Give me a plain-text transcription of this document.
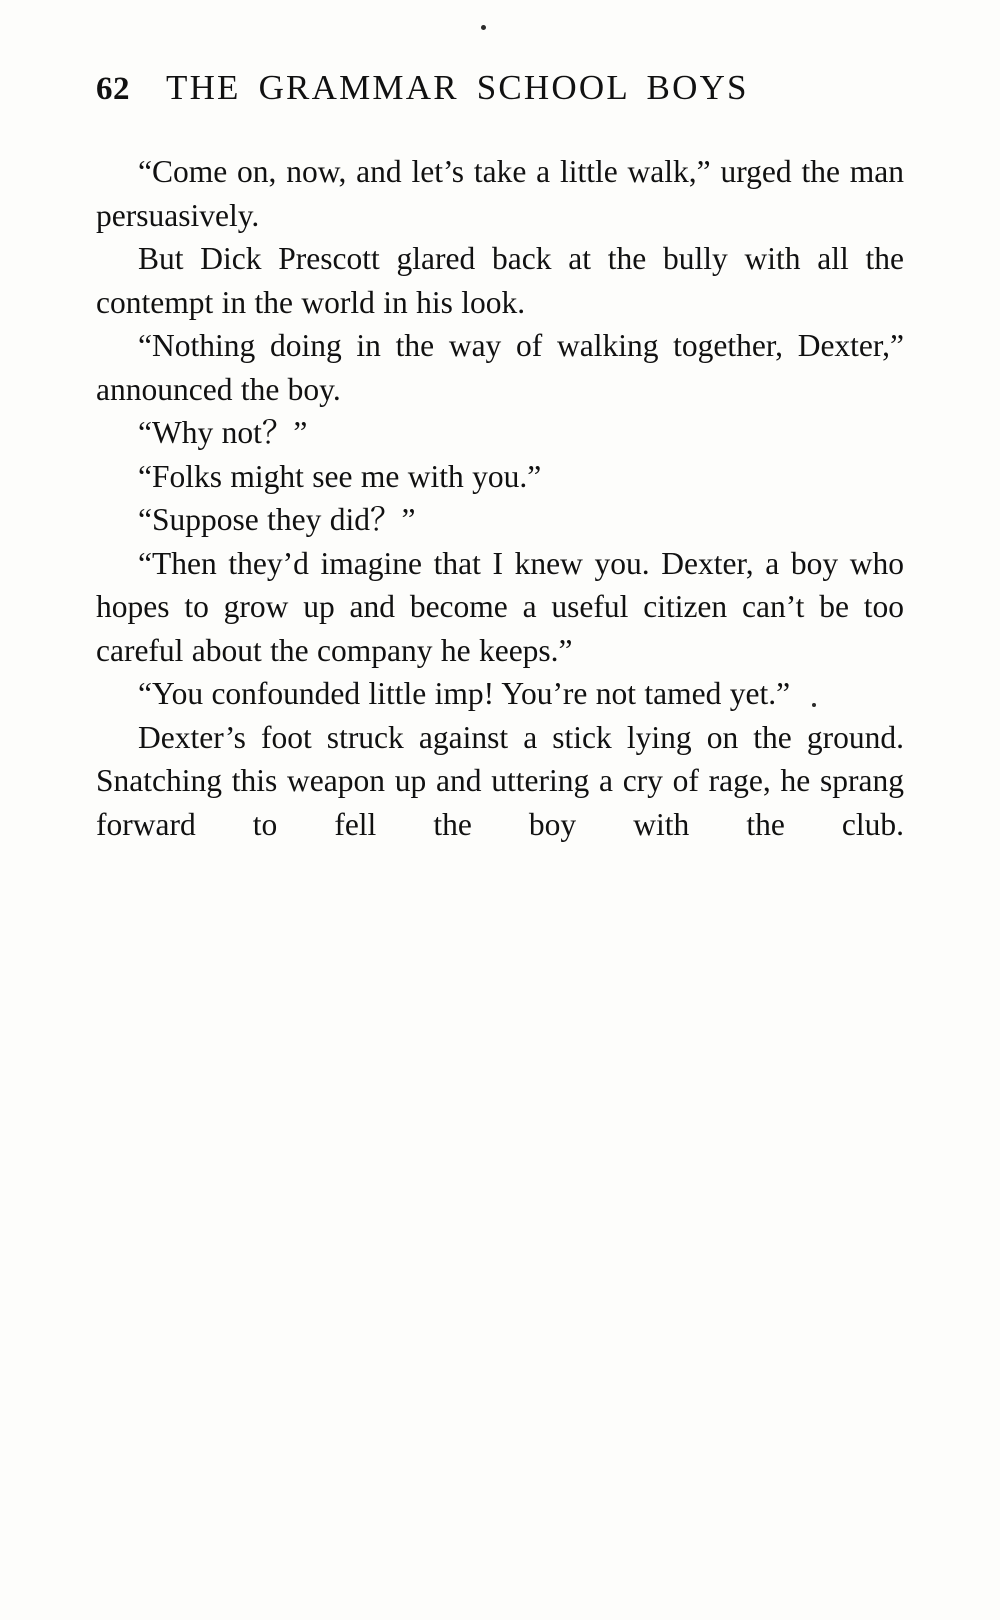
62 THE GRAMMAR SCHOOL BOYS

“Come on, now, and let’s take a little walk,” urged the man persuasively.

But Dick Prescott glared back at the bully with all the contempt in the world in his look.

“Nothing doing in the way of walking together, Dexter,” announced the boy.

“Why not？”

“Folks might see me with you.”

“Suppose they did？”

“Then they’d imagine that I knew you. Dexter, a boy who hopes to grow up and become a useful citizen can’t be too careful about the company he keeps.”

“You confounded little imp! You’re not tamed yet.”

Dexter’s foot struck against a stick lying on the ground. Snatching this weapon up and uttering a cry of rage, he sprang forward to fell the boy with the club.
